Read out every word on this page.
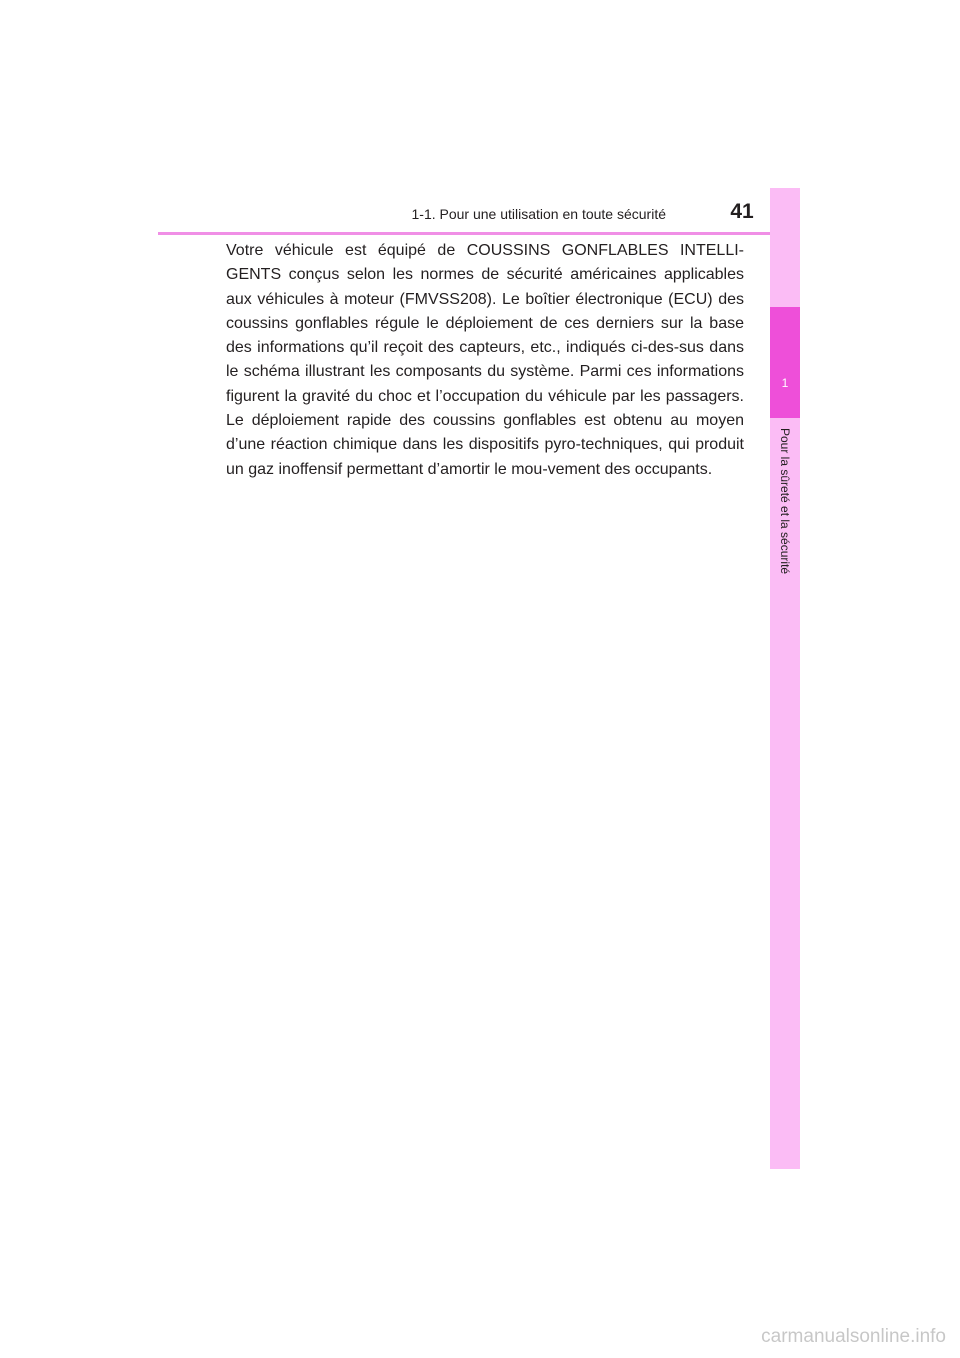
1-1. Pour une utilisation en toute sécurité	41
1
Pour la sûreté et la sécurité

Votre véhicule est équipé de COUSSINS GONFLABLES INTELLI-GENTS conçus selon les normes de sécurité américaines applicables aux véhicules à moteur (FMVSS208). Le boîtier électronique (ECU) des coussins gonflables régule le déploiement de ces derniers sur la base des informations qu’il reçoit des capteurs, etc., indiqués ci-des-sus dans le schéma illustrant les composants du système. Parmi ces informations figurent la gravité du choc et l’occupation du véhicule par les passagers. Le déploiement rapide des coussins gonflables est obtenu au moyen d’une réaction chimique dans les dispositifs pyro-techniques, qui produit un gaz inoffensif permettant d’amortir le mou-vement des occupants.

carmanualsonline.info
